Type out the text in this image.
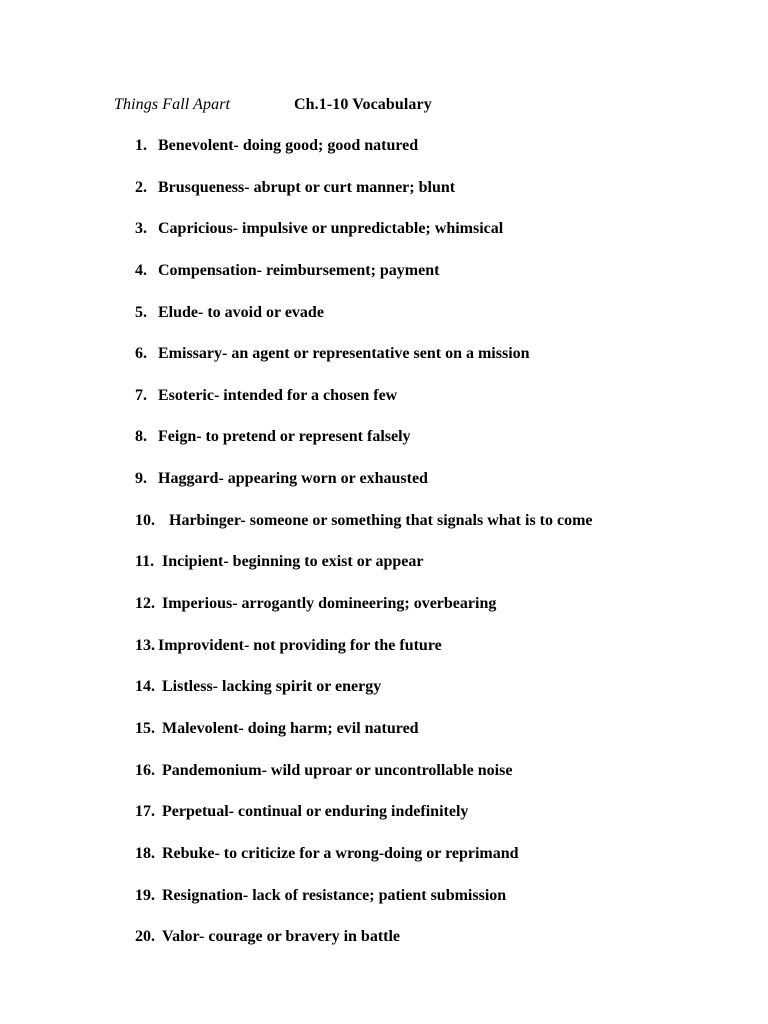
Things Fall Apart	Ch.1-10 Vocabulary
1. Benevolent- doing good; good natured
2. Brusqueness- abrupt or curt manner; blunt
3. Capricious- impulsive or unpredictable; whimsical
4. Compensation- reimbursement; payment
5. Elude- to avoid or evade
6. Emissary- an agent or representative sent on a mission
7. Esoteric- intended for a chosen few
8. Feign- to pretend or represent falsely
9. Haggard- appearing worn or exhausted
10. Harbinger- someone or something that signals what is to come
11. Incipient- beginning to exist or appear
12. Imperious- arrogantly domineering; overbearing
13. Improvident- not providing for the future
14. Listless- lacking spirit or energy
15. Malevolent- doing harm; evil natured
16. Pandemonium- wild uproar or uncontrollable noise
17. Perpetual- continual or enduring indefinitely
18. Rebuke- to criticize for a wrong-doing or reprimand
19. Resignation- lack of resistance; patient submission
20. Valor- courage or bravery in battle
